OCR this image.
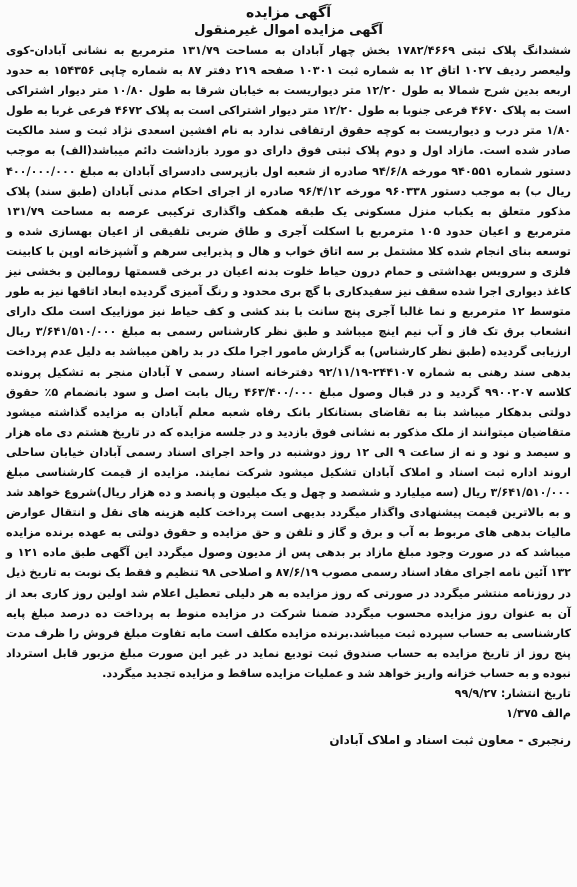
آگهی مزایده
آگهی مزایده اموال غیرمنقول

ششدانگ پلاک ثبتی ۱۷۸۲/۴۶۶۹ بخش چهار آبادان به مساحت ۱۳۱/۷۹ مترمربع به نشانی آبادان-کوی ولیعصر ردیف ۱۰۲۷ اتاق ۱۲ به شماره ثبت ۱۰۳۰۱ صفحه ۲۱۹ دفتر ۸۷ به شماره چاپی ۱۵۴۳۵۶ به حدود اربعه بدین شرح شمالا به طول ۱۲/۲۰ متر دیواریست به خیابان شرقا به طول ۱۰/۸۰ متر دیوار اشتراکی است به پلاک ۴۶۷۰ فرعی جنوبا به طول ۱۲/۲۰ متر دیوار اشتراکی است به پلاک ۴۶۷۲ فرعی غربا به طول ۱/۸۰ متر درب و دیواریست به کوچه حقوق ارتفاقی ندارد به نام افشین اسعدی نژاد ثبت و سند مالکیت صادر شده است. مازاد اول و دوم پلاک ثبتی فوق دارای دو مورد بازداشت دائم میباشد(الف) به موجب دستور شماره ۹۴۰۵۵۱ مورخه ۹۴/۶/۸ صادره از شعبه اول بازپرسی دادسرای آبادان به مبلغ ۴۰۰/۰۰۰/۰۰۰ ریال ب) به موجب دستور ۹۶۰۳۳۸ مورخه ۹۶/۴/۱۲ صادره از اجرای احکام مدنی آبادان (طبق سند) پلاک مذکور متعلق به یکباب منزل مسکونی یک طبقه همکف واگذاری ترکیبی عرصه به مساحت ۱۳۱/۷۹ مترمربع و اعیان حدود ۱۰۵ مترمربع با اسکلت آجری و طاق ضربی تلفیقی از اعیان بهسازی شده و توسعه بنای انجام شده کلا مشتمل بر سه اتاق خواب و هال و پذیرایی سرهم و آشپزخانه اوپن با کابینت فلزی و سرویس بهداشتی و حمام درون حیاط خلوت بدنه اعیان در برخی قسمتها رومالین و بخشی نیز کاغذ دیواری اجرا شده سقف نیز سفیدکاری با گچ بری محدود و رنگ آمیزی گردیده ابعاد اتاقها نیز به طور متوسط ۱۲ مترمربع و نما غالبا آجری پنج سانت با بند کشی و کف حیاط نیز موزاییک است ملک دارای انشعاب برق تک فاز و آب نیم اینچ میباشد و طبق نظر کارشناس رسمی به مبلغ ۳/۶۴۱/۵۱۰/۰۰۰ ریال ارزیابی گردیده (طبق نظر کارشناس) به گزارش مامور اجرا ملک در بد راهن میباشد به دلیل عدم پرداخت بدهی سند رهنی به شماره ۲۴۴۱۰۷-۹۲/۱۱/۱۹ دفترخانه اسناد رسمی ۷ آبادان منجر به تشکیل پرونده کلاسه ۹۹۰۰۲۰۷ گردید و در قبال وصول مبلغ ۴۶۳/۴۰۰/۰۰۰ ریال بابت اصل و سود بانضمام ۵٪ حقوق دولتی بدهکار میباشد بنا به تقاضای بستانکار بانک رفاه شعبه معلم آبادان به مزایده گذاشته میشود متقاضیان میتوانند از ملک مذکور به نشانی فوق بازدید و در جلسه مزایده که در تاریخ هشتم دی ماه هزار و سیصد و نود و نه از ساعت ۹ الی ۱۲ روز دوشنبه در واحد اجرای اسناد رسمی آبادان خیابان ساحلی اروند اداره ثبت اسناد و املاک آبادان تشکیل میشود شرکت نمایند. مزایده از قیمت کارشناسی مبلغ ۳/۶۴۱/۵۱۰/۰۰۰ ریال (سه میلیارد و ششصد و چهل و یک میلیون و پانصد و ده هزار ریال)شروع خواهد شد و به بالاترین قیمت پیشنهادی واگذار میگردد بدیهی است پرداخت کلیه هزینه های نقل و انتقال عوارض مالیات بدهی های مربوط به آب و برق و گاز و تلفن و حق مزایده و حقوق دولتی به عهده برنده مزایده میباشد که در صورت وجود مبلغ مازاد بر بدهی پس از مدیون وصول میگردد این آگهی طبق ماده ۱۲۱ و ۱۳۲ آئین نامه اجرای مفاد اسناد رسمی مصوب ۸۷/۶/۱۹ و اصلاحی ۹۸ تنظیم و فقط یک نوبت به تاریخ ذیل در روزنامه منتشر میگردد در صورتی که روز مزایده به هر دلیلی تعطیل اعلام شد اولین روز کاری بعد از آن به عنوان روز مزایده محسوب میگردد ضمنا شرکت در مزایده منوط به پرداخت ده درصد مبلغ پایه کارشناسی به حساب سپرده ثبت میباشد.برنده مزایده مکلف است مابه تفاوت مبلغ فروش را ظرف مدت پنج روز از تاریخ مزایده به حساب صندوق ثبت تودیع نماید در غیر این صورت مبلغ مزبور قابل استرداد نبوده و به حساب خزانه واریز خواهد شد و عملیات مزایده ساقط و مزایده تجدید میگردد.

تاریخ انتشار: ۹۹/۹/۲۷
م‌الف ۱/۳۷۵
رنجبری - معاون ثبت اسناد و املاک آبادان
